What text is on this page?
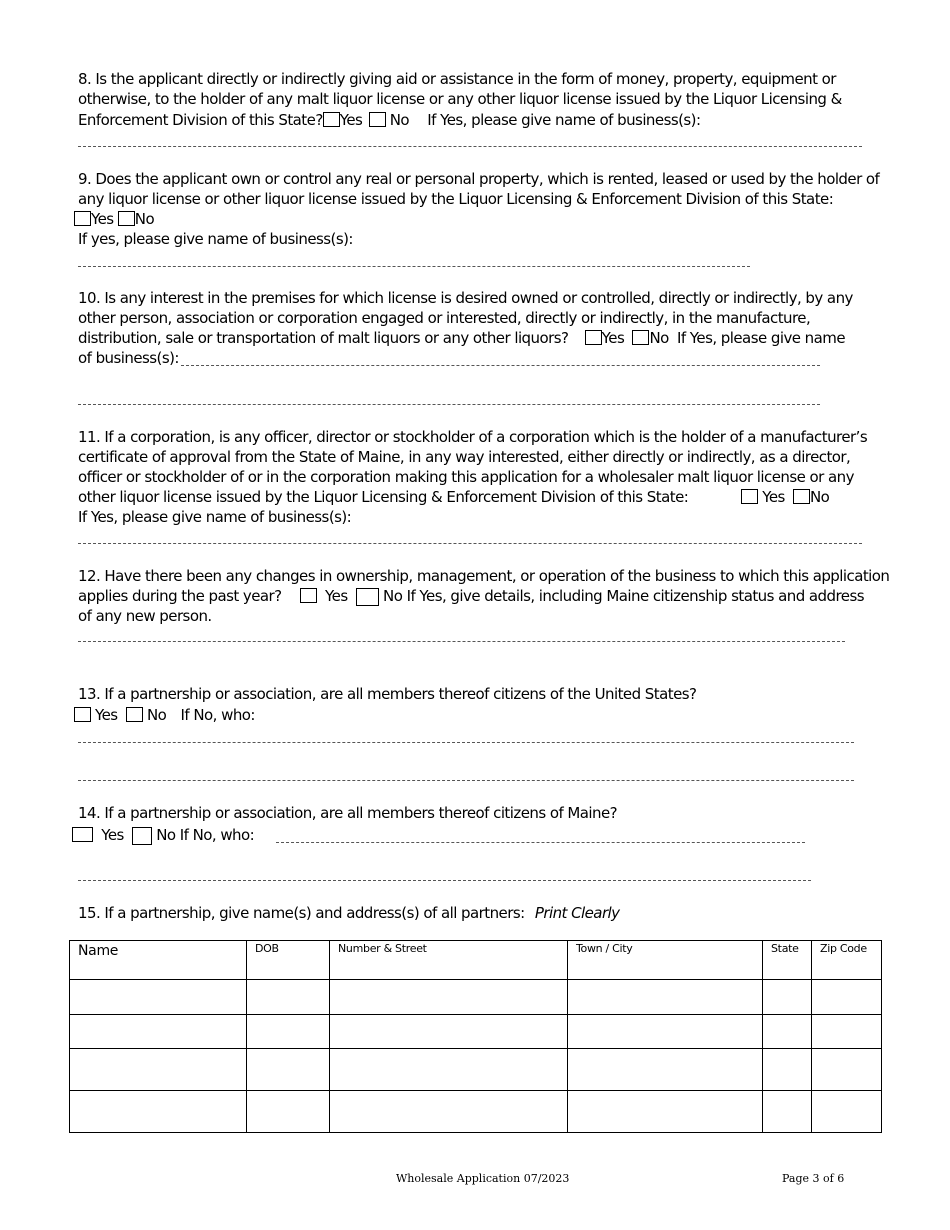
8. Is the applicant directly or indirectly giving aid or assistance in the form of money, property, equipment or
otherwise, to the holder of any malt liquor license or any other liquor license issued by the Liquor Licensing &
Enforcement Division of this State? Yes No If Yes, please give name of business(s):
9. Does the applicant own or control any real or personal property, which is rented, leased or used by the holder of
any liquor license or other liquor license issued by the Liquor Licensing & Enforcement Division of this State:
Yes No
If yes, please give name of business(s):
10. Is any interest in the premises for which license is desired owned or controlled, directly or indirectly, by any
other person, association or corporation engaged or interested, directly or indirectly, in the manufacture,
distribution, sale or transportation of malt liquors or any other liquors? Yes No If Yes, please give name
of business(s):
11. If a corporation, is any officer, director or stockholder of a corporation which is the holder of a manufacturer’s
certificate of approval from the State of Maine, in any way interested, either directly or indirectly, as a director,
officer or stockholder of or in the corporation making this application for a wholesaler malt liquor license or any
other liquor license issued by the Liquor Licensing & Enforcement Division of this State:	Yes No
If Yes, please give name of business(s):
12. Have there been any changes in ownership, management, or operation of the business to which this application
applies during the past year?	Yes No If Yes, give details, including Maine citizenship status and address
of any new person.
13. If a partnership or association, are all members thereof citizens of the United States?
Yes No If No, who:
14. If a partnership or association, are all members thereof citizens of Maine?
Yes No If No, who:
15. If a partnership, give name(s) and address(s) of all partners: Print Clearly
Name	DOB	Number & Street	Town / City	State	Zip Code

Wholesale Application 07/2023	Page 3 of 6
